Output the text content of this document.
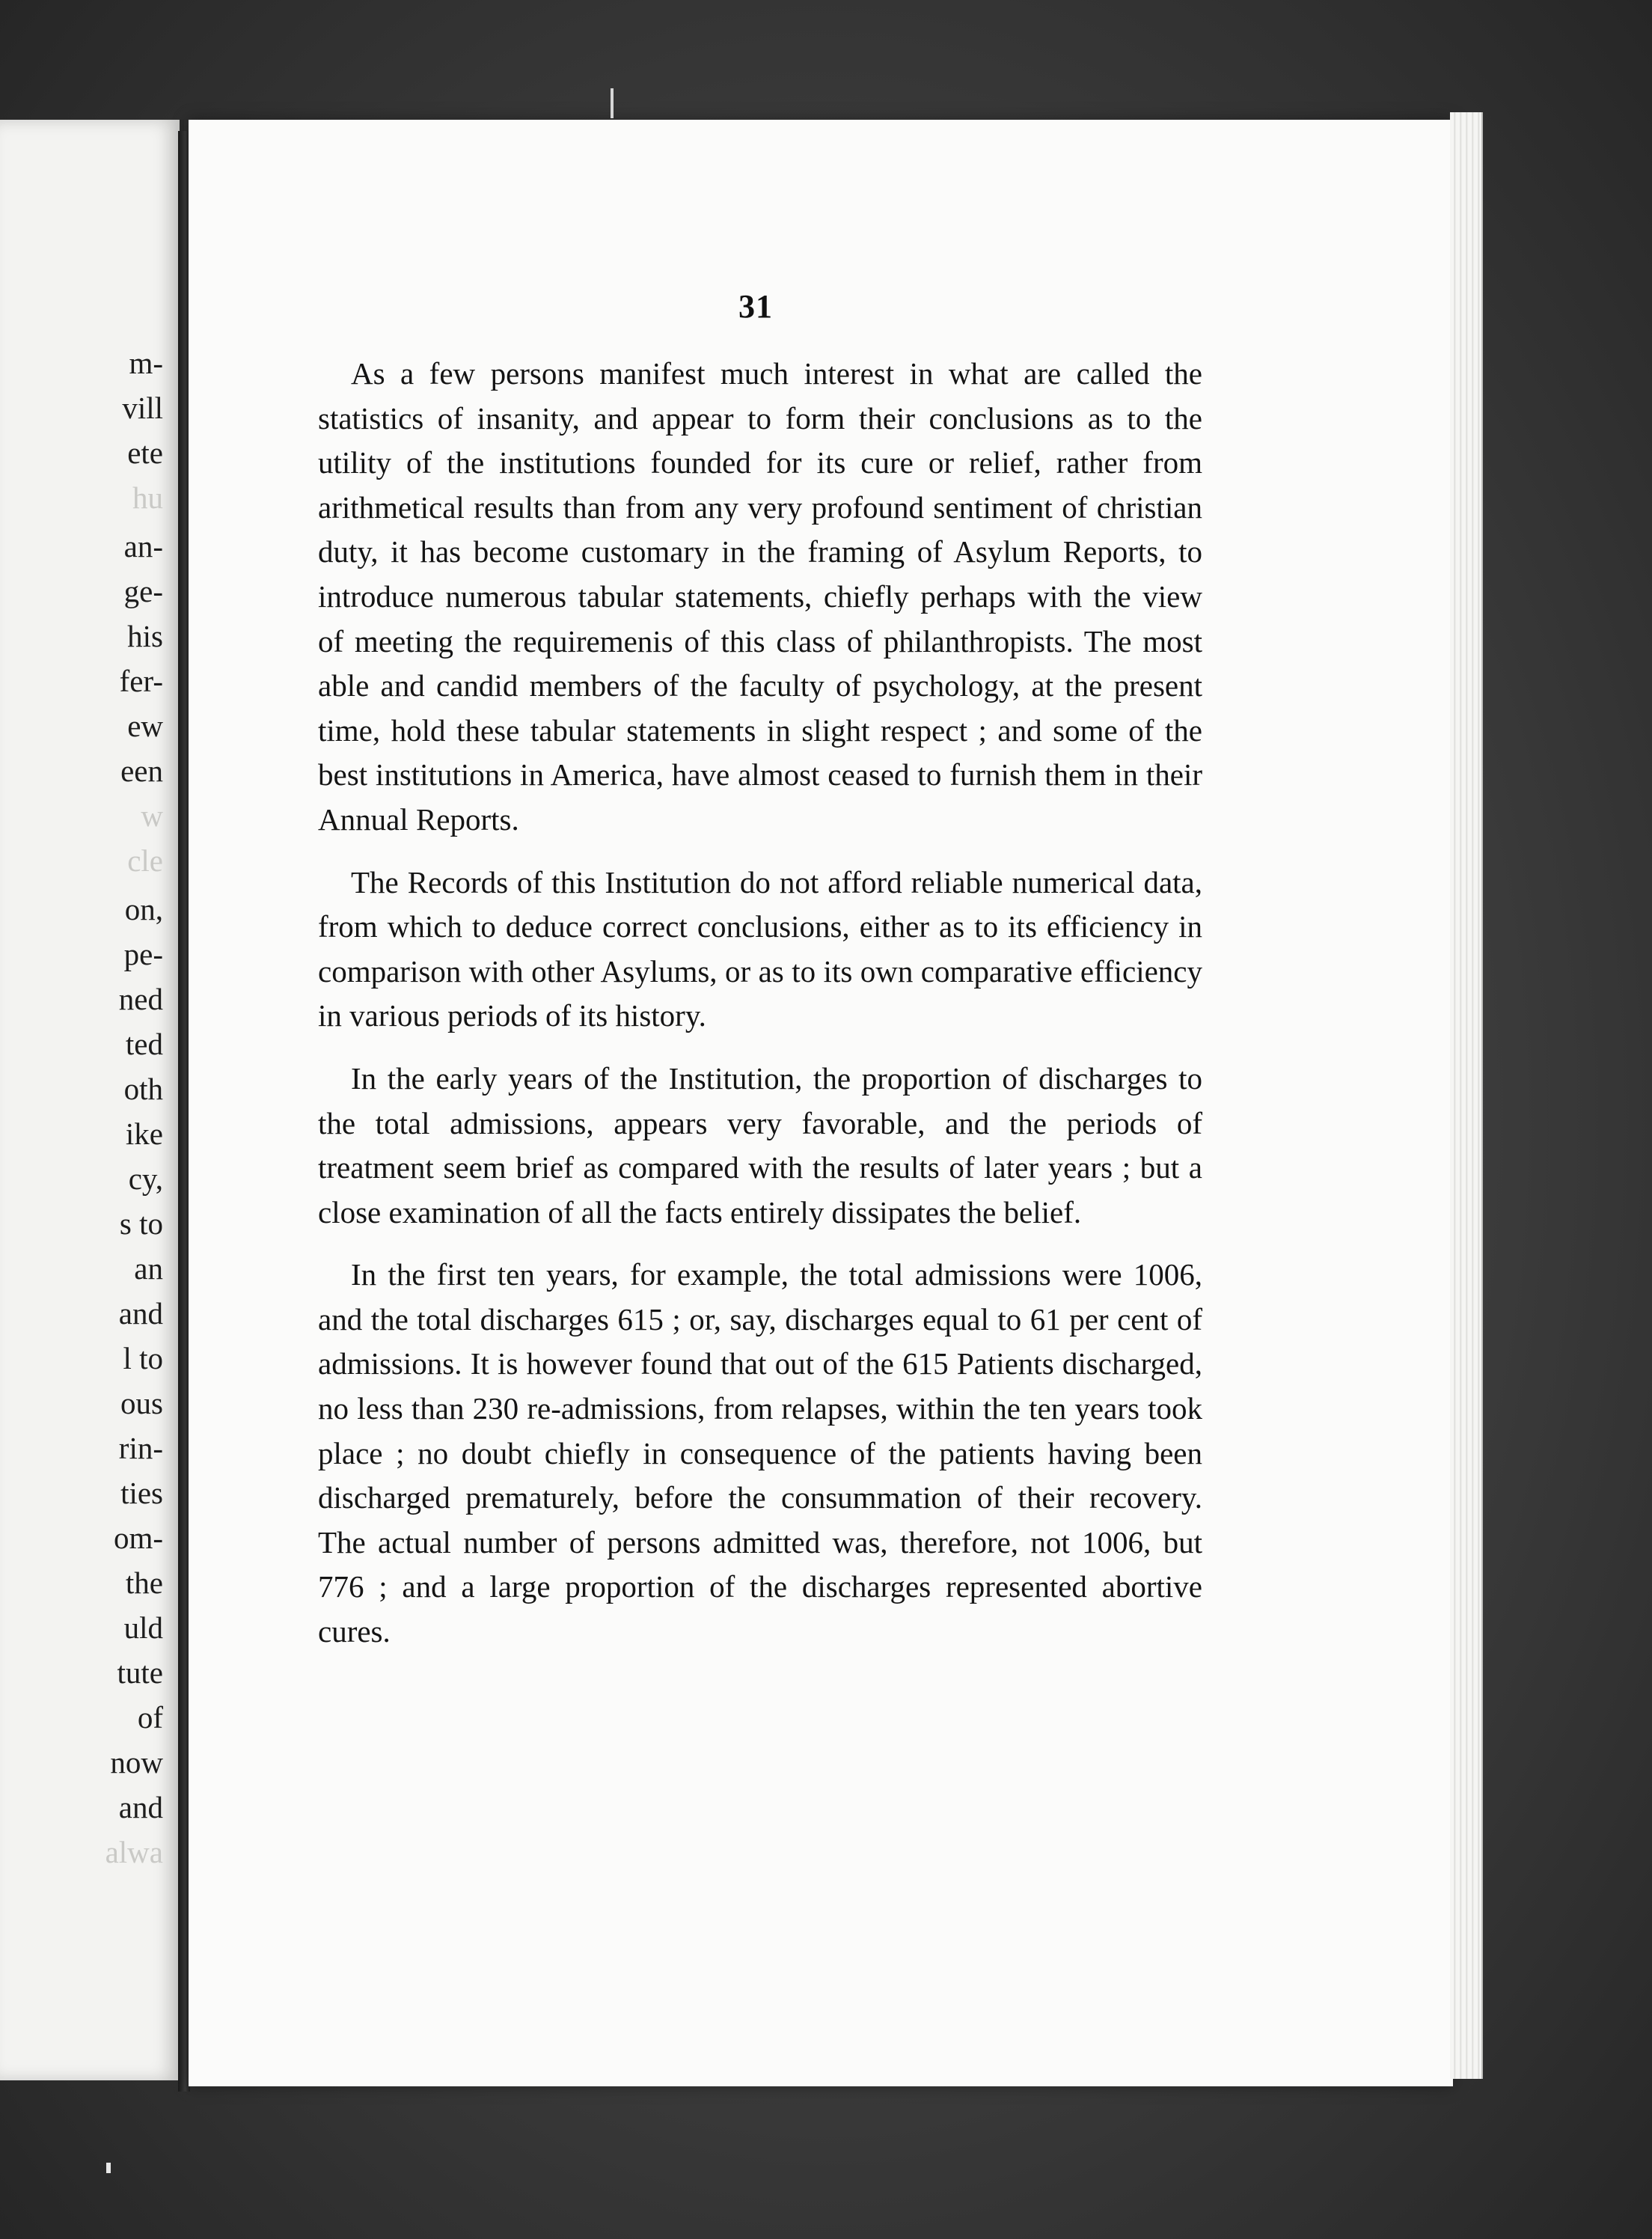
m-
vill
ete
hu
an-
ge-
his
fer-
ew
een
w
cle
on,
pe-
ned
ted
oth
ike
cy,
s to
an
and
l to
ous
rin-
ties
om-
the
uld
tute
of
now
and
alwa
31

As a few persons manifest much interest in what are called the statistics of insanity, and appear to form their conclusions as to the utility of the institutions founded for its cure or relief, rather from arithmetical results than from any very profound sentiment of christian duty, it has become customary in the framing of Asylum Reports, to introduce numerous tabular statements, chiefly perhaps with the view of meeting the requiremenis of this class of philanthropists. The most able and candid members of the faculty of psychology, at the present time, hold these tabular statements in slight respect ; and some of the best institutions in America, have almost ceased to furnish them in their Annual Reports.

The Records of this Institution do not afford reliable numerical data, from which to deduce correct conclusions, either as to its efficiency in comparison with other Asylums, or as to its own comparative efficiency in various periods of its history.

In the early years of the Institution, the proportion of discharges to the total admissions, appears very favorable, and the periods of treatment seem brief as compared with the results of later years ; but a close examination of all the facts entirely dissipates the belief.

In the first ten years, for example, the total admissions were 1006, and the total discharges 615 ; or, say, discharges equal to 61 per cent of admissions. It is however found that out of the 615 Patients discharged, no less than 230 re-admissions, from relapses, within the ten years took place ; no doubt chiefly in consequence of the patients having been discharged prematurely, before the consummation of their recovery. The actual number of persons admitted was, therefore, not 1006, but 776 ; and a large proportion of the discharges represented abortive cures.
